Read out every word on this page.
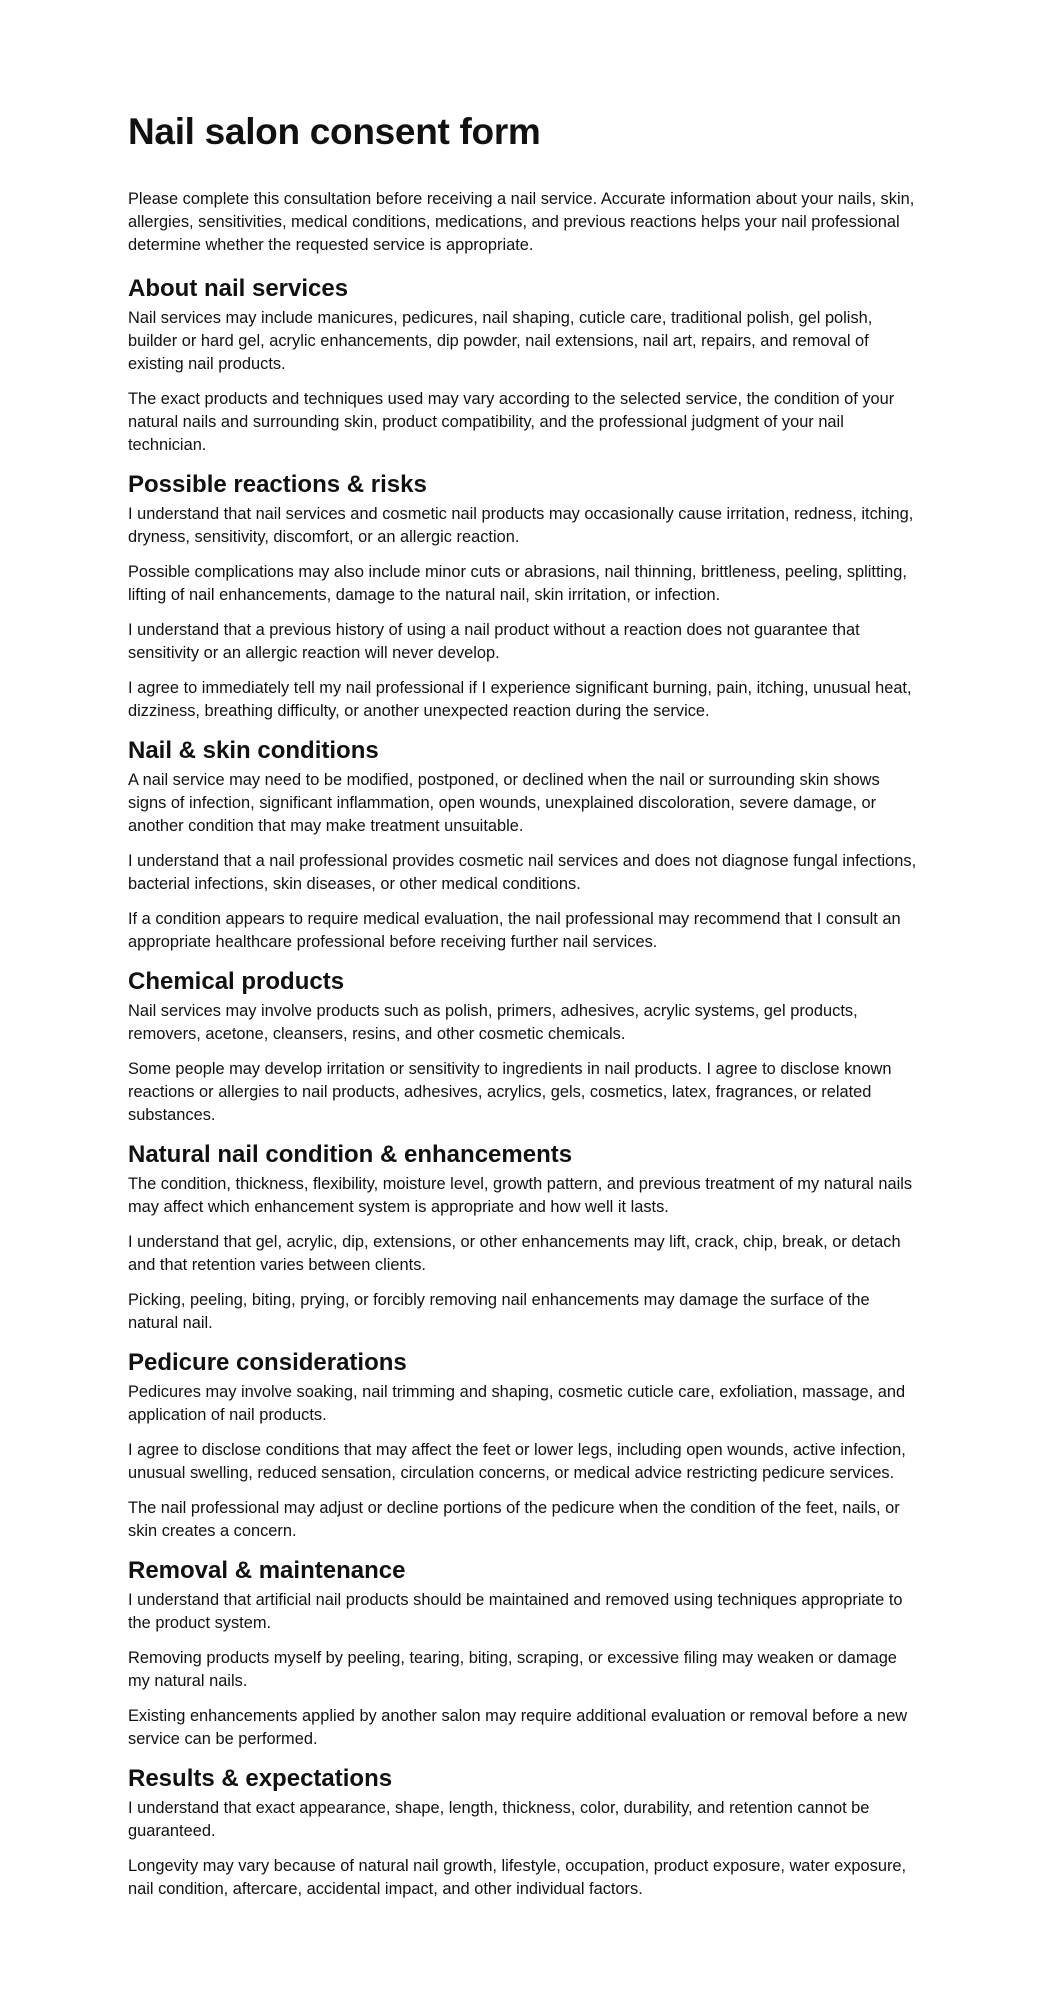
Nail salon consent form

Please complete this consultation before receiving a nail service. Accurate information about your nails, skin, allergies, sensitivities, medical conditions, medications, and previous reactions helps your nail professional determine whether the requested service is appropriate.

About nail services

Nail services may include manicures, pedicures, nail shaping, cuticle care, traditional polish, gel polish, builder or hard gel, acrylic enhancements, dip powder, nail extensions, nail art, repairs, and removal of existing nail products.

The exact products and techniques used may vary according to the selected service, the condition of your natural nails and surrounding skin, product compatibility, and the professional judgment of your nail technician.

Possible reactions & risks

I understand that nail services and cosmetic nail products may occasionally cause irritation, redness, itching, dryness, sensitivity, discomfort, or an allergic reaction.

Possible complications may also include minor cuts or abrasions, nail thinning, brittleness, peeling, splitting, lifting of nail enhancements, damage to the natural nail, skin irritation, or infection.

I understand that a previous history of using a nail product without a reaction does not guarantee that sensitivity or an allergic reaction will never develop.

I agree to immediately tell my nail professional if I experience significant burning, pain, itching, unusual heat, dizziness, breathing difficulty, or another unexpected reaction during the service.

Nail & skin conditions

A nail service may need to be modified, postponed, or declined when the nail or surrounding skin shows signs of infection, significant inflammation, open wounds, unexplained discoloration, severe damage, or another condition that may make treatment unsuitable.

I understand that a nail professional provides cosmetic nail services and does not diagnose fungal infections, bacterial infections, skin diseases, or other medical conditions.

If a condition appears to require medical evaluation, the nail professional may recommend that I consult an appropriate healthcare professional before receiving further nail services.

Chemical products

Nail services may involve products such as polish, primers, adhesives, acrylic systems, gel products, removers, acetone, cleansers, resins, and other cosmetic chemicals.

Some people may develop irritation or sensitivity to ingredients in nail products. I agree to disclose known reactions or allergies to nail products, adhesives, acrylics, gels, cosmetics, latex, fragrances, or related substances.

Natural nail condition & enhancements

The condition, thickness, flexibility, moisture level, growth pattern, and previous treatment of my natural nails may affect which enhancement system is appropriate and how well it lasts.

I understand that gel, acrylic, dip, extensions, or other enhancements may lift, crack, chip, break, or detach and that retention varies between clients.

Picking, peeling, biting, prying, or forcibly removing nail enhancements may damage the surface of the natural nail.

Pedicure considerations

Pedicures may involve soaking, nail trimming and shaping, cosmetic cuticle care, exfoliation, massage, and application of nail products.

I agree to disclose conditions that may affect the feet or lower legs, including open wounds, active infection, unusual swelling, reduced sensation, circulation concerns, or medical advice restricting pedicure services.

The nail professional may adjust or decline portions of the pedicure when the condition of the feet, nails, or skin creates a concern.

Removal & maintenance

I understand that artificial nail products should be maintained and removed using techniques appropriate to the product system.

Removing products myself by peeling, tearing, biting, scraping, or excessive filing may weaken or damage my natural nails.

Existing enhancements applied by another salon may require additional evaluation or removal before a new service can be performed.

Results & expectations

I understand that exact appearance, shape, length, thickness, color, durability, and retention cannot be guaranteed.

Longevity may vary because of natural nail growth, lifestyle, occupation, product exposure, water exposure, nail condition, aftercare, accidental impact, and other individual factors.
